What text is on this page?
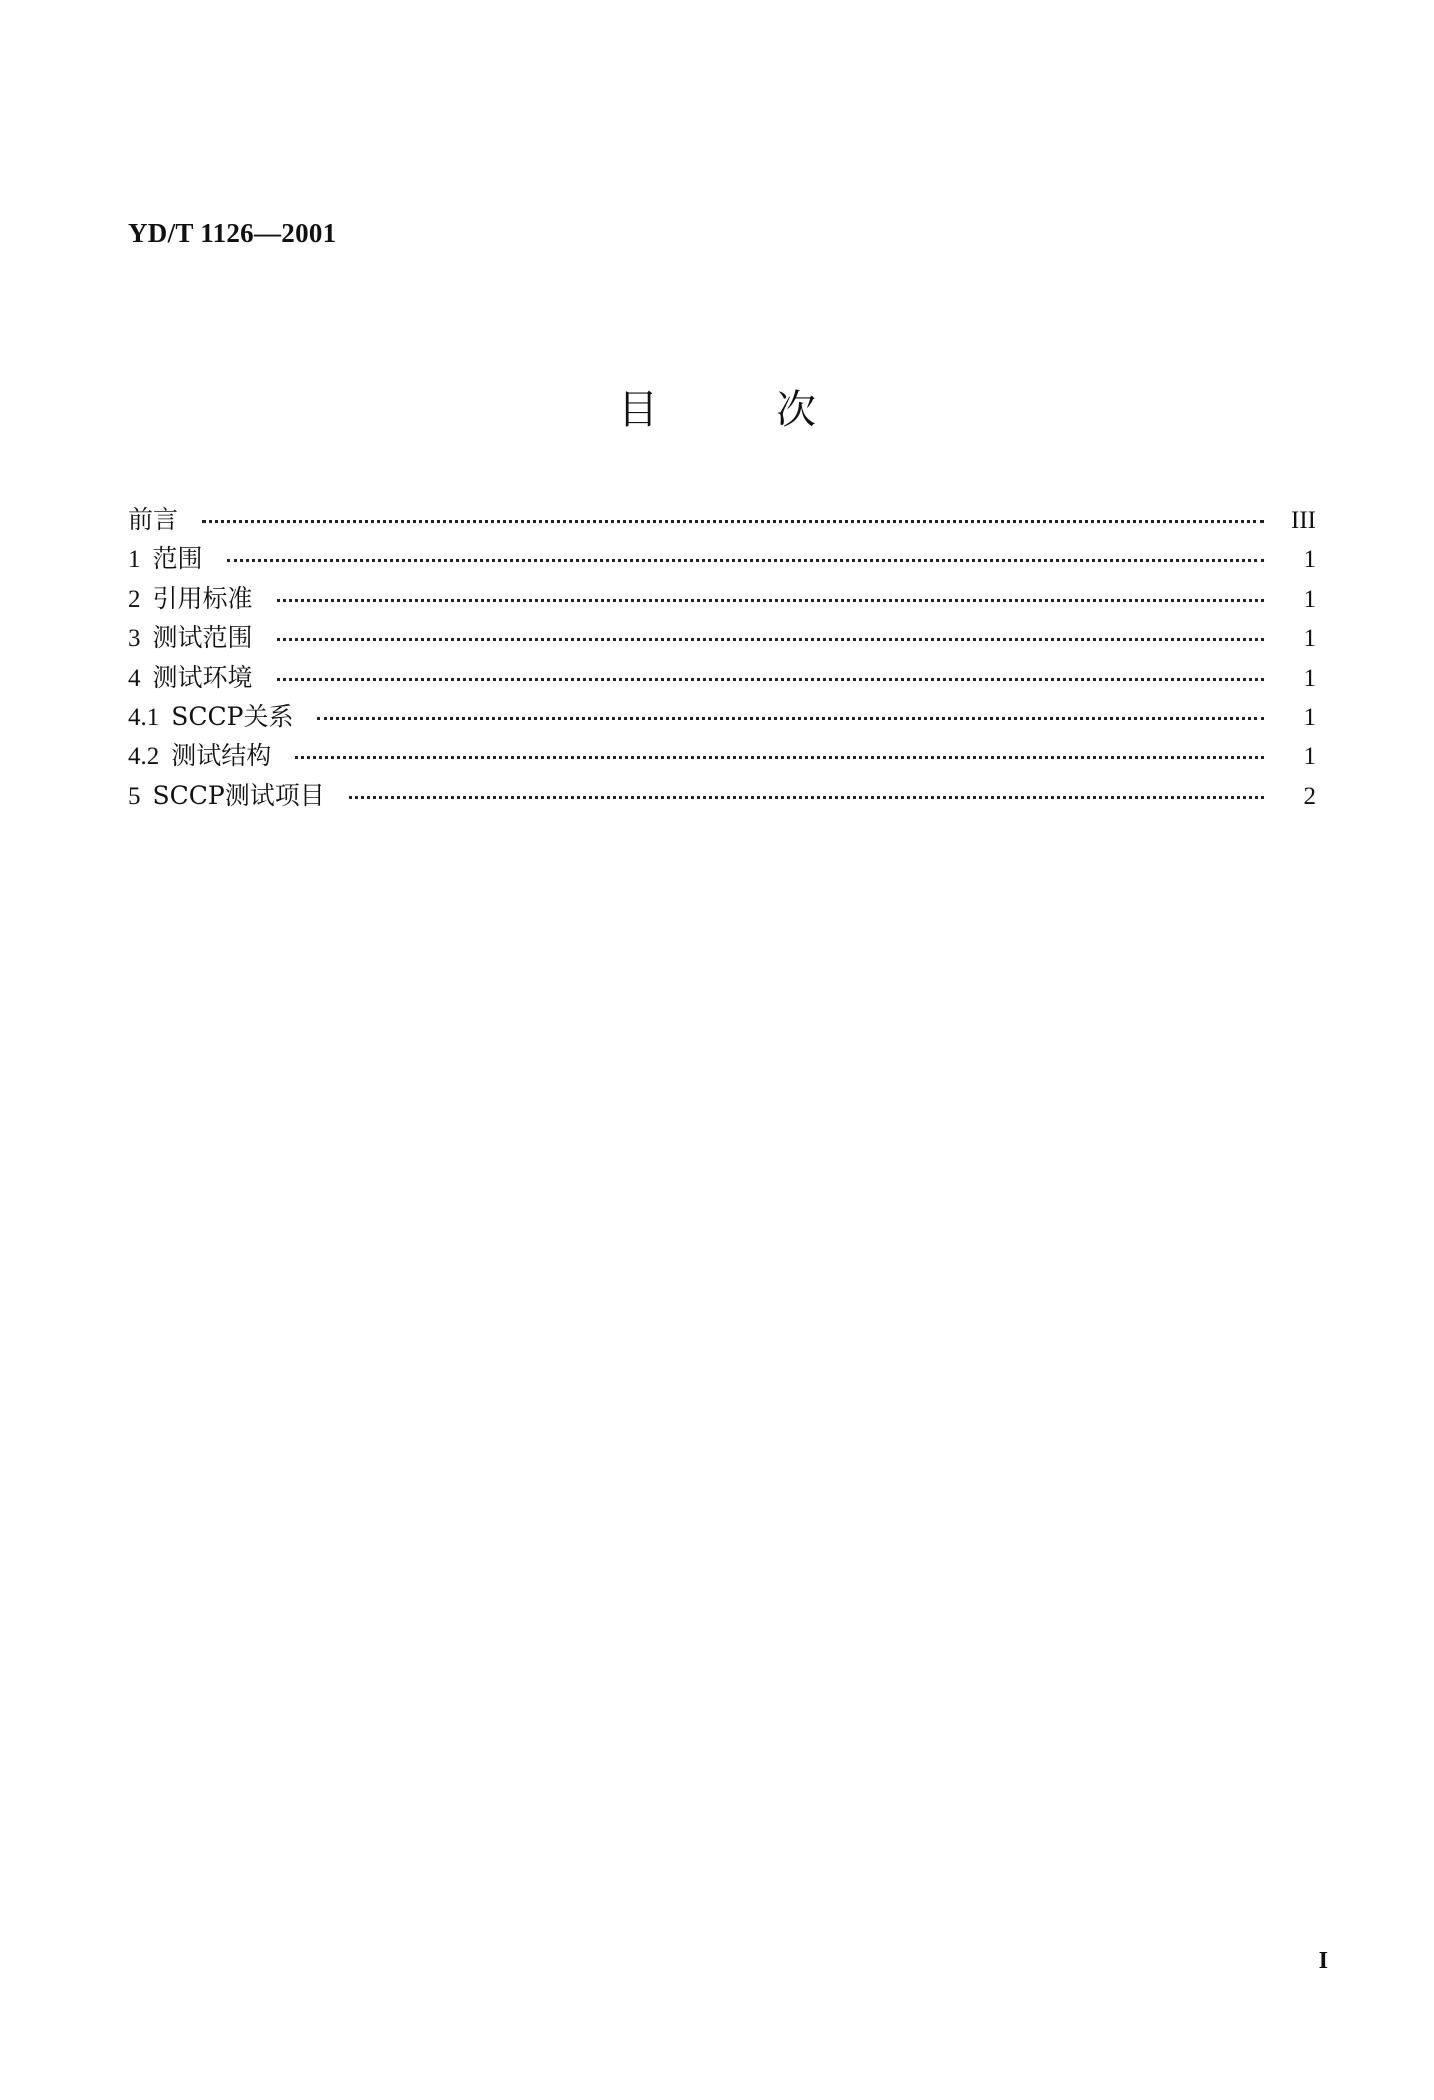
YD/T 1126—2001
目次
前言	III
1 范围	1
2 引用标准	1
3 测试范围	1
4 测试环境	1
4.1 SCCP关系	1
4.2 测试结构	1
5 SCCP测试项目	2
I
